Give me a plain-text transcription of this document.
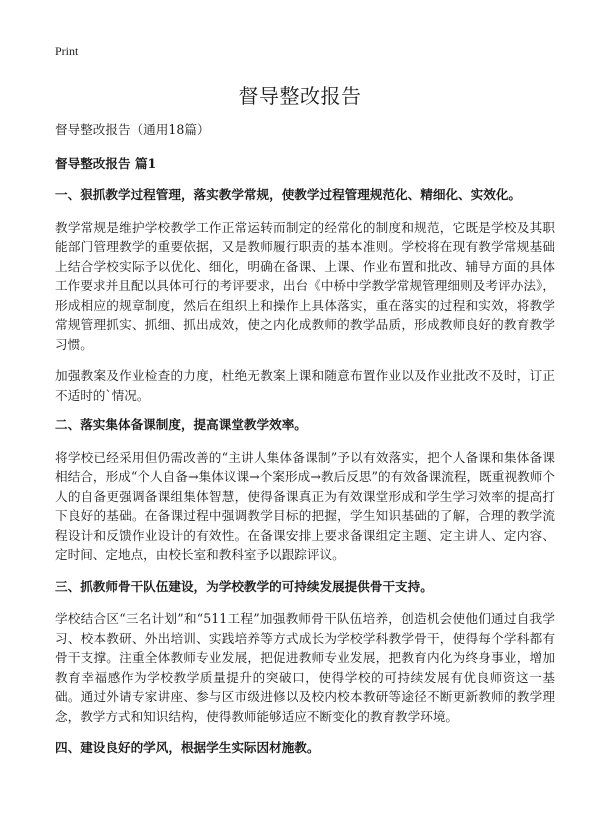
Print
督导整改报告
督导整改报告（通用18篇）
督导整改报告 篇1
一、狠抓教学过程管理，落实教学常规，使教学过程管理规范化、精细化、实效化。
教学常规是维护学校教学工作正常运转而制定的经常化的制度和规范，它既是学校及其职能部门管理教学的重要依据，又是教师履行职责的基本准则。学校将在现有教学常规基础上结合学校实际予以优化、细化，明确在备课、上课、作业布置和批改、辅导方面的具体工作要求并且配以具体可行的考评要求，出台《中桥中学教学常规管理细则及考评办法》，形成相应的规章制度，然后在组织上和操作上具体落实，重在落实的过程和实效，将教学常规管理抓实、抓细、抓出成效，使之内化成教师的教学品质，形成教师良好的教育教学习惯。
加强教案及作业检查的力度，杜绝无教案上课和随意布置作业以及作业批改不及时，订正不适时的`情况。
二、落实集体备课制度，提高课堂教学效率。
将学校已经采用但仍需改善的“主讲人集体备课制”予以有效落实，把个人备课和集体备课相结合，形成“个人自备→集体议课→个案形成→教后反思”的有效备课流程，既重视教师个人的自备更强调备课组集体智慧，使得备课真正为有效课堂形成和学生学习效率的提高打下良好的基础。在备课过程中强调教学目标的把握，学生知识基础的了解，合理的教学流程设计和反馈作业设计的有效性。在备课安排上要求备课组定主题、定主讲人、定内容、定时间、定地点，由校长室和教科室予以跟踪评议。
三、抓教师骨干队伍建设，为学校教学的可持续发展提供骨干支持。
学校结合区“三名计划”和“511工程”加强教师骨干队伍培养，创造机会使他们通过自我学习、校本教研、外出培训、实践培养等方式成长为学校学科教学骨干，使得每个学科都有骨干支撑。注重全体教师专业发展，把促进教师专业发展，把教育内化为终身事业，增加教育幸福感作为学校教学质量提升的突破口，使得学校的可持续发展有优良师资这一基础。通过外请专家讲座、参与区市级进修以及校内校本教研等途径不断更新教师的教学理念，教学方式和知识结构，使得教师能够适应不断变化的教育教学环境。
四、建设良好的学风，根据学生实际因材施教。
